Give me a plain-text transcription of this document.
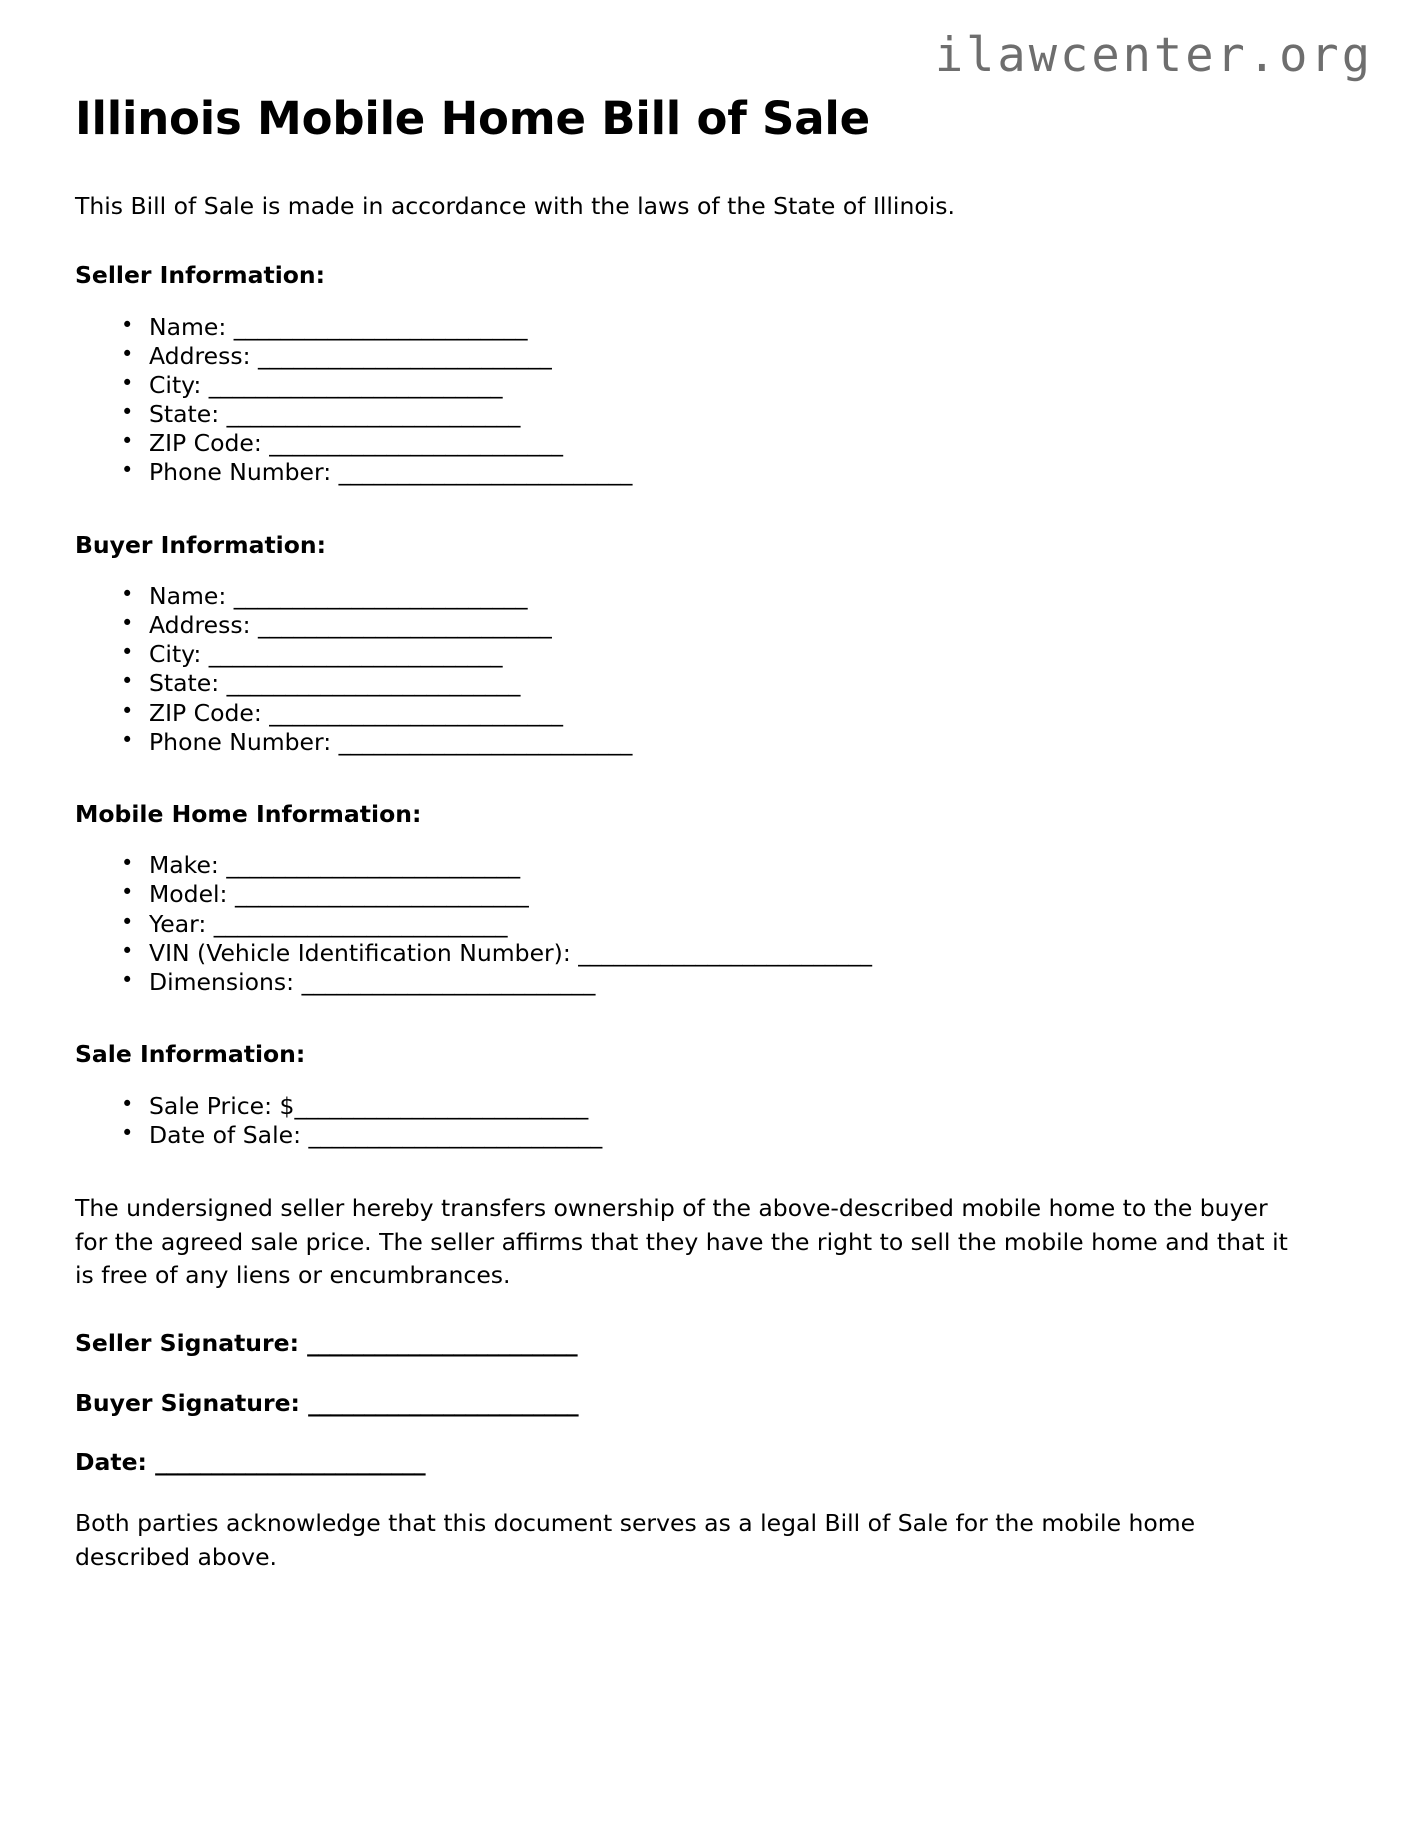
ilawcenter.org
Illinois Mobile Home Bill of Sale

This Bill of Sale is made in accordance with the laws of the State of Illinois.

Seller Information:
• Name: _________________________
• Address: _________________________
• City: _________________________
• State: _________________________
• ZIP Code: _________________________
• Phone Number: _________________________
Buyer Information:
• Name: _________________________
• Address: _________________________
• City: _________________________
• State: _________________________
• ZIP Code: _________________________
• Phone Number: _________________________
Mobile Home Information:
• Make: _________________________
• Model: _________________________
• Year: _________________________
• VIN (Vehicle Identification Number): _________________________
• Dimensions: _________________________
Sale Information:
• Sale Price: $_________________________
• Date of Sale: _________________________

The undersigned seller hereby transfers ownership of the above-described mobile home to the buyer for the agreed sale price. The seller affirms that they have the right to sell the mobile home and that it is free of any liens or encumbrances.

Seller Signature: ________________________
Buyer Signature: ________________________
Date: ________________________

Both parties acknowledge that this document serves as a legal Bill of Sale for the mobile home described above.
